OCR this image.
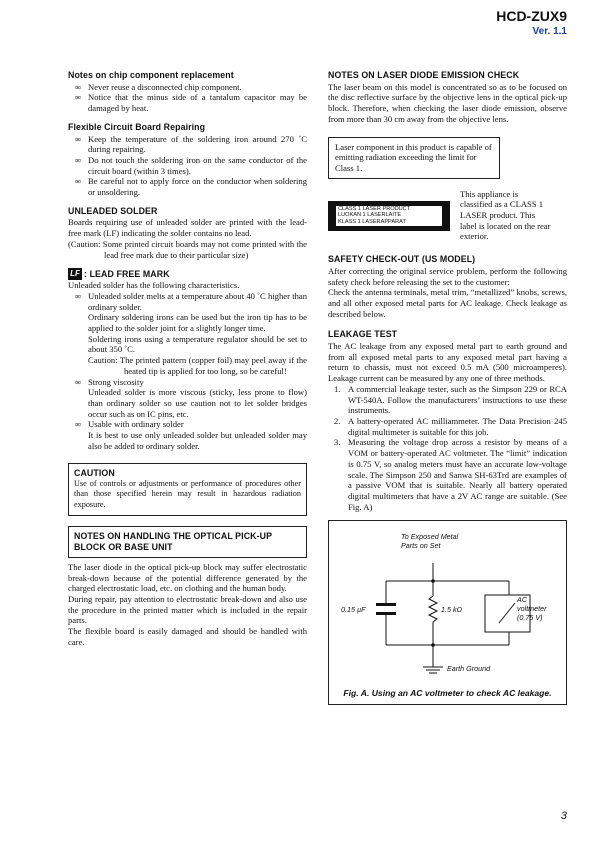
HCD-ZUX9
Ver. 1.1
Notes on chip component replacement
∞ Never reuse a disconnected chip component.
∞ Notice that the minus side of a tantalum capacitor may be damaged by heat.
Flexible Circuit Board Repairing
∞ Keep the temperature of the soldering iron around 270 ˚C during repairing.
∞ Do not touch the soldering iron on the same conductor of the circuit board (within 3 times).
∞ Be careful not to apply force on the conductor when soldering or unsoldering.
UNLEADED SOLDER

Boards requiring use of unleaded solder are printed with the lead-free mark (LF) indicating the solder contains no lead.

(Caution: Some printed circuit boards may not come printed with the lead free mark due to their particular size)

LF : LEAD FREE MARK

Unleaded solder has the following characteristics.

∞ Unleaded solder melts at a temperature about 40 ˚C higher than ordinary solder.

Ordinary soldering irons can be used but the iron tip has to be applied to the solder joint for a slightly longer time.

Soldering irons using a temperature regulator should be set to about 350 ˚C.

Caution: The printed pattern (copper foil) may peel away if the heated tip is applied for too long, so be careful!

∞ Strong viscosity

Unleaded solder is more viscous (sticky, less prone to flow) than ordinary solder so use caution not to let solder bridges occur such as on IC pins, etc.

∞ Usable with ordinary solder

It is best to use only unleaded solder but unleaded solder may also be added to ordinary solder.

CAUTION

Use of controls or adjustments or performance of procedures other than those specified herein may result in hazardous radiation exposure.

NOTES ON HANDLING THE OPTICAL PICK-UP BLOCK OR BASE UNIT

The laser diode in the optical pick-up block may suffer electrostatic break-down because of the potential difference generated by the charged electrostatic load, etc. on clothing and the human body.

During repair, pay attention to electrostatic break-down and also use the procedure in the printed matter which is included in the repair parts.

The flexible board is easily damaged and should be handled with care.

NOTES ON LASER DIODE EMISSION CHECK

The laser beam on this model is concentrated so as to be focused on the disc reflective surface by the objective lens in the optical pick-up block. Therefore, when checking the laser diode emission, observe from more than 30 cm away from the objective lens.

Laser component in this product is capable of emitting radiation exceeding the limit for Class 1.
CLASS 1 LASER PRODUCT
LUOKAN 1 LASERLAITE
KLASS 1 LASERAPPARAT

This appliance is classified as a CLASS 1 LASER product. This label is located on the rear exterior.

SAFETY CHECK-OUT (US MODEL)

After correcting the original service problem, perform the following safety check before releasing the set to the customer:

Check the antenna terminals, metal trim, “metallized” knobs, screws, and all other exposed metal parts for AC leakage. Check leakage as described below.

LEAKAGE TEST

The AC leakage from any exposed metal part to earth ground and from all exposed metal parts to any exposed metal part having a return to chassis, must not exceed 0.5 mA (500 microamperes). Leakage current can be measured by any one of three methods.

1. A commercial leakage tester, such as the Simpson 229 or RCA WT-540A. Follow the manufacturers’ instructions to use these instruments.
2. A battery-operated AC milliammeter. The Data Precision 245 digital multimeter is suitable for this job.
3. Measuring the voltage drop across a resistor by means of a VOM or battery-operated AC voltmeter. The “limit” indication is 0.75 V, so analog meters must have an accurate low-voltage scale. The Simpson 250 and Sanwa SH-63Trd are examples of a passive VOM that is suitable. Nearly all battery operated digital multimeters that have a 2V AC range are suitable. (See Fig. A)
To Exposed Metal
Parts on Set
0.15 µF	1.5 kΩ
AC
voltmeter
(0.75 V)
Earth Ground
Fig. A. Using an AC voltmeter to check AC leakage.
3
